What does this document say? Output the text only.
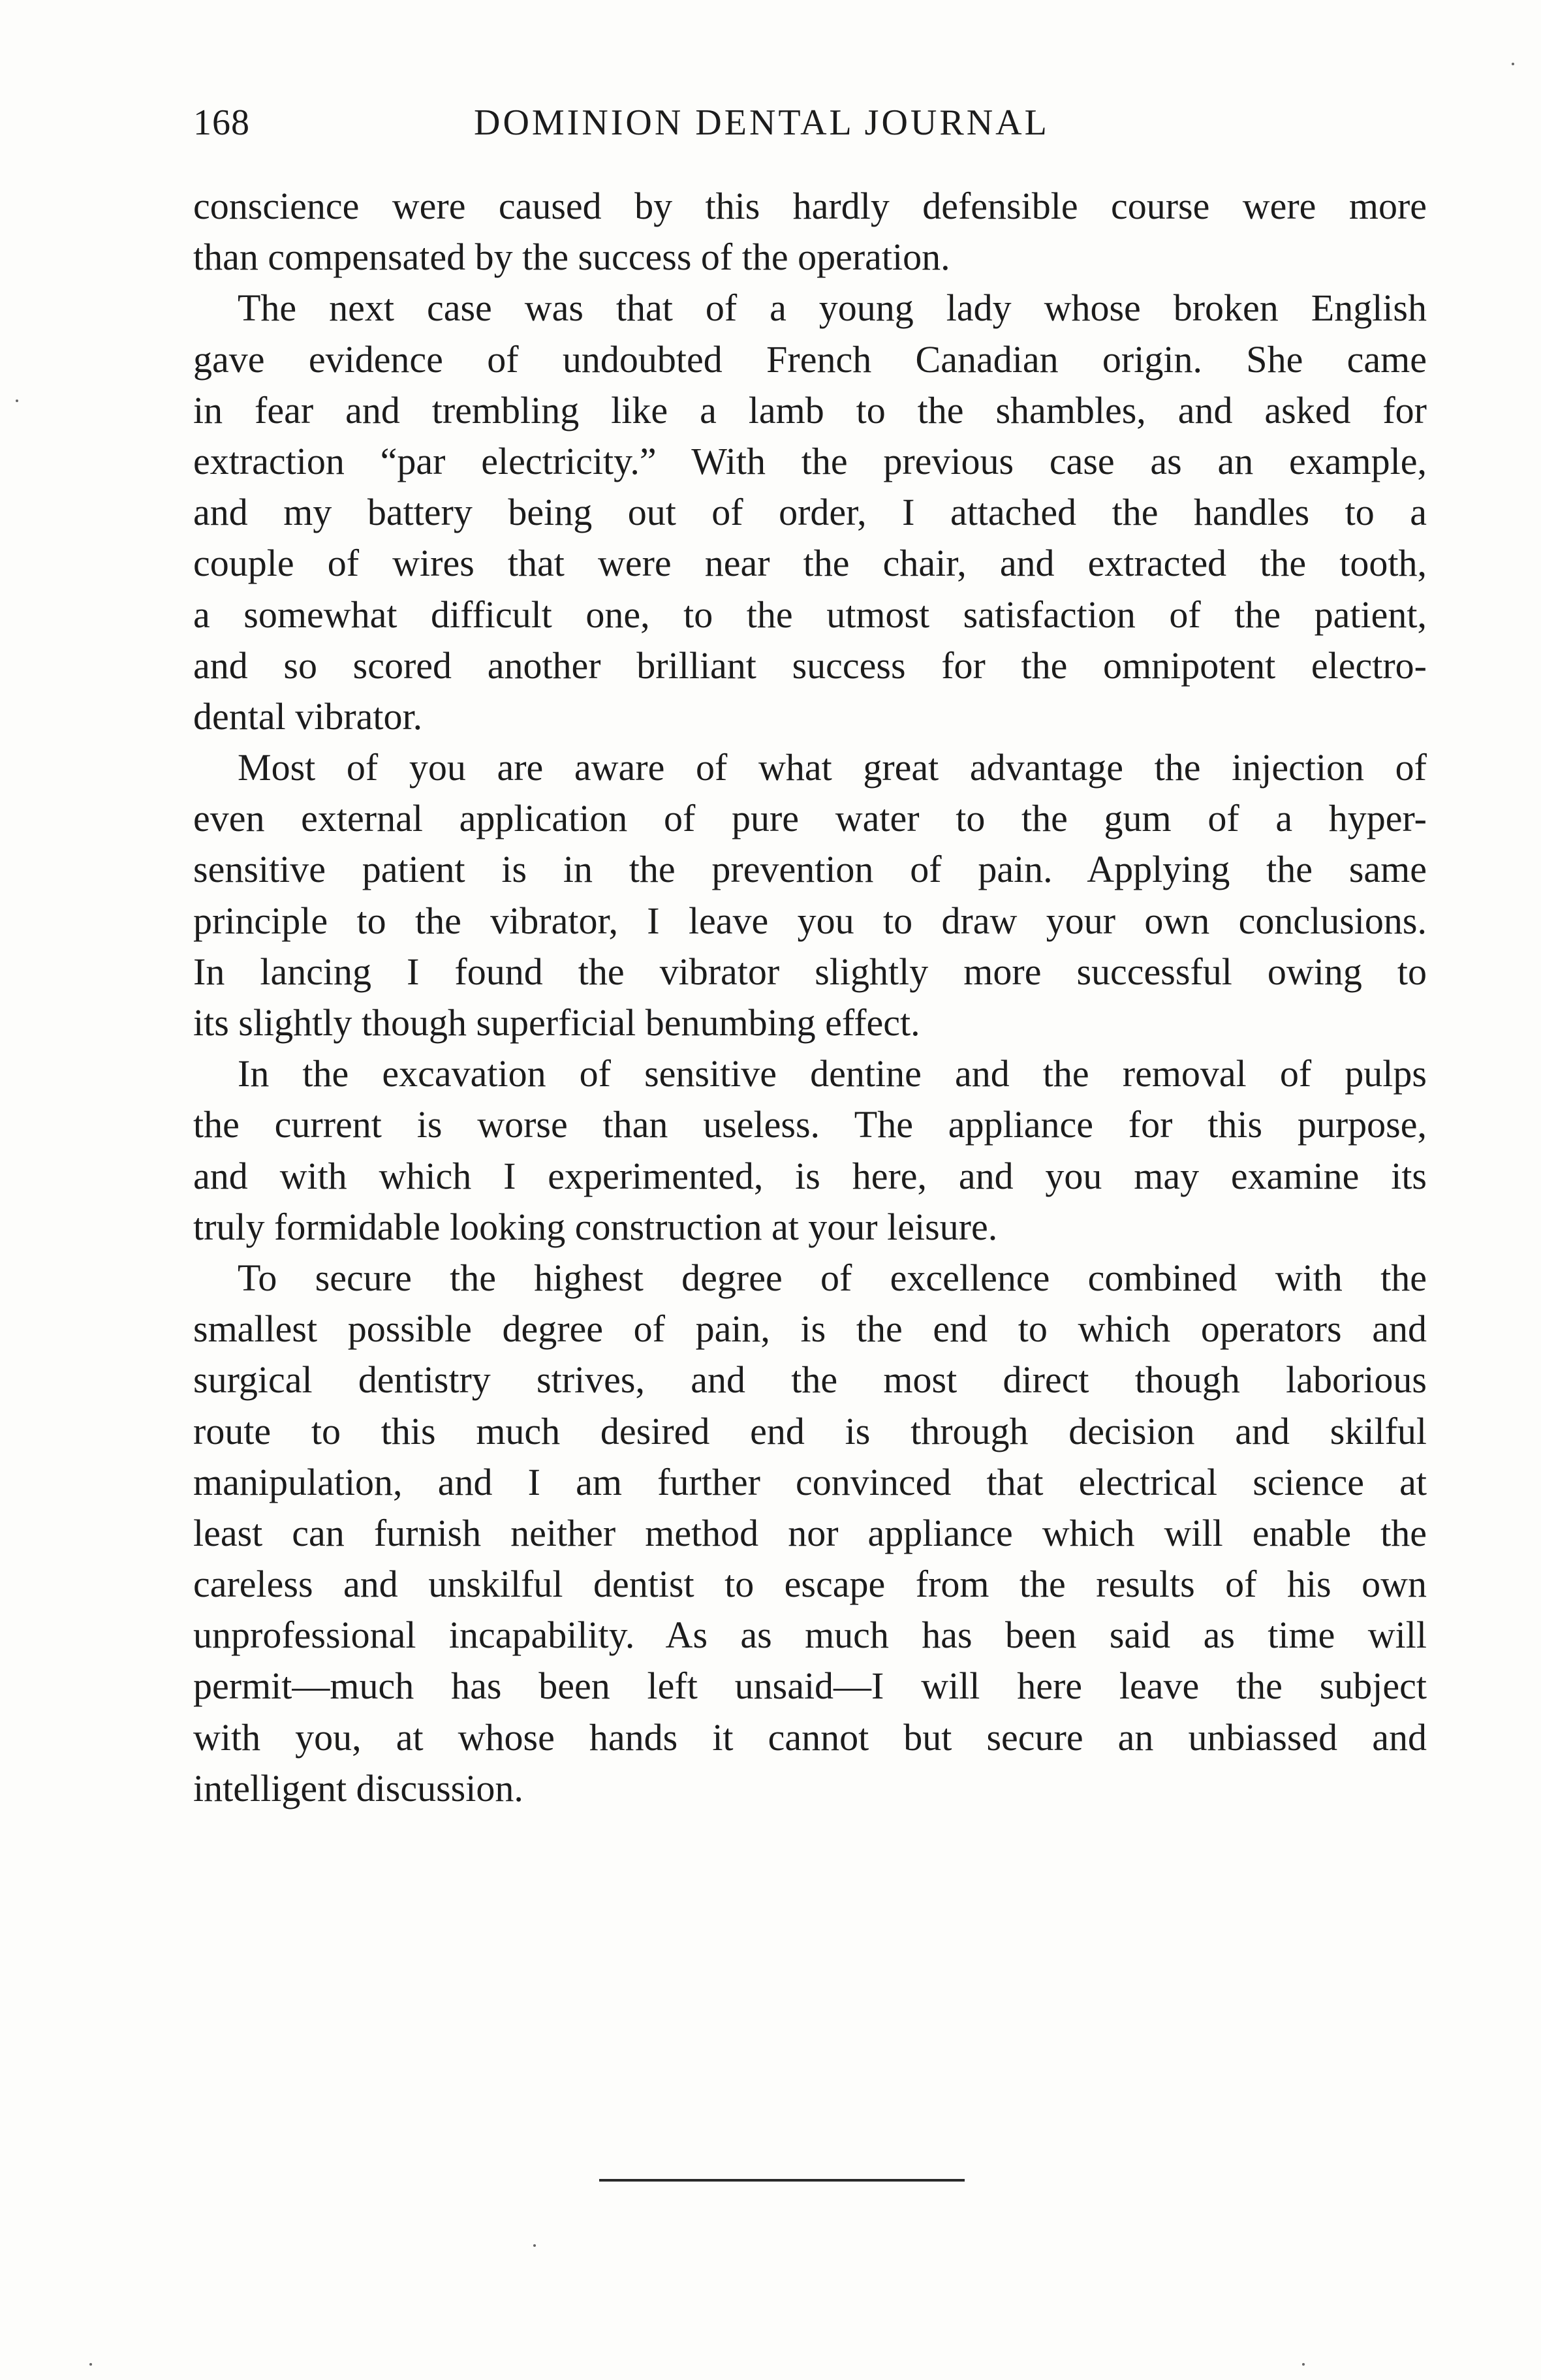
168	DOMINION DENTAL JOURNAL
conscience were caused by this hardly defensible course were more
than compensated by the success of the operation.
The next case was that of a young lady whose broken English
gave evidence of undoubted French Canadian origin. She came
in fear and trembling like a lamb to the shambles, and asked for
extraction “par electricity.” With the previous case as an example,
and my battery being out of order, I attached the handles to a
couple of wires that were near the chair, and extracted the tooth,
a somewhat difficult one, to the utmost satisfaction of the patient,
and so scored another brilliant success for the omnipotent electro-
dental vibrator.
Most of you are aware of what great advantage the injection of
even external application of pure water to the gum of a hyper-
sensitive patient is in the prevention of pain. Applying the same
principle to the vibrator, I leave you to draw your own conclusions.
In lancing I found the vibrator slightly more successful owing to
its slightly though superficial benumbing effect.
In the excavation of sensitive dentine and the removal of pulps
the current is worse than useless. The appliance for this purpose,
and with which I experimented, is here, and you may examine its
truly formidable looking construction at your leisure.
To secure the highest degree of excellence combined with the
smallest possible degree of pain, is the end to which operators and
surgical dentistry strives, and the most direct though laborious
route to this much desired end is through decision and skilful
manipulation, and I am further convinced that electrical science at
least can furnish neither method nor appliance which will enable the
careless and unskilful dentist to escape from the results of his own
unprofessional incapability. As as much has been said as time will
permit—much has been left unsaid—I will here leave the subject
with you, at whose hands it cannot but secure an unbiassed and
intelligent discussion.
